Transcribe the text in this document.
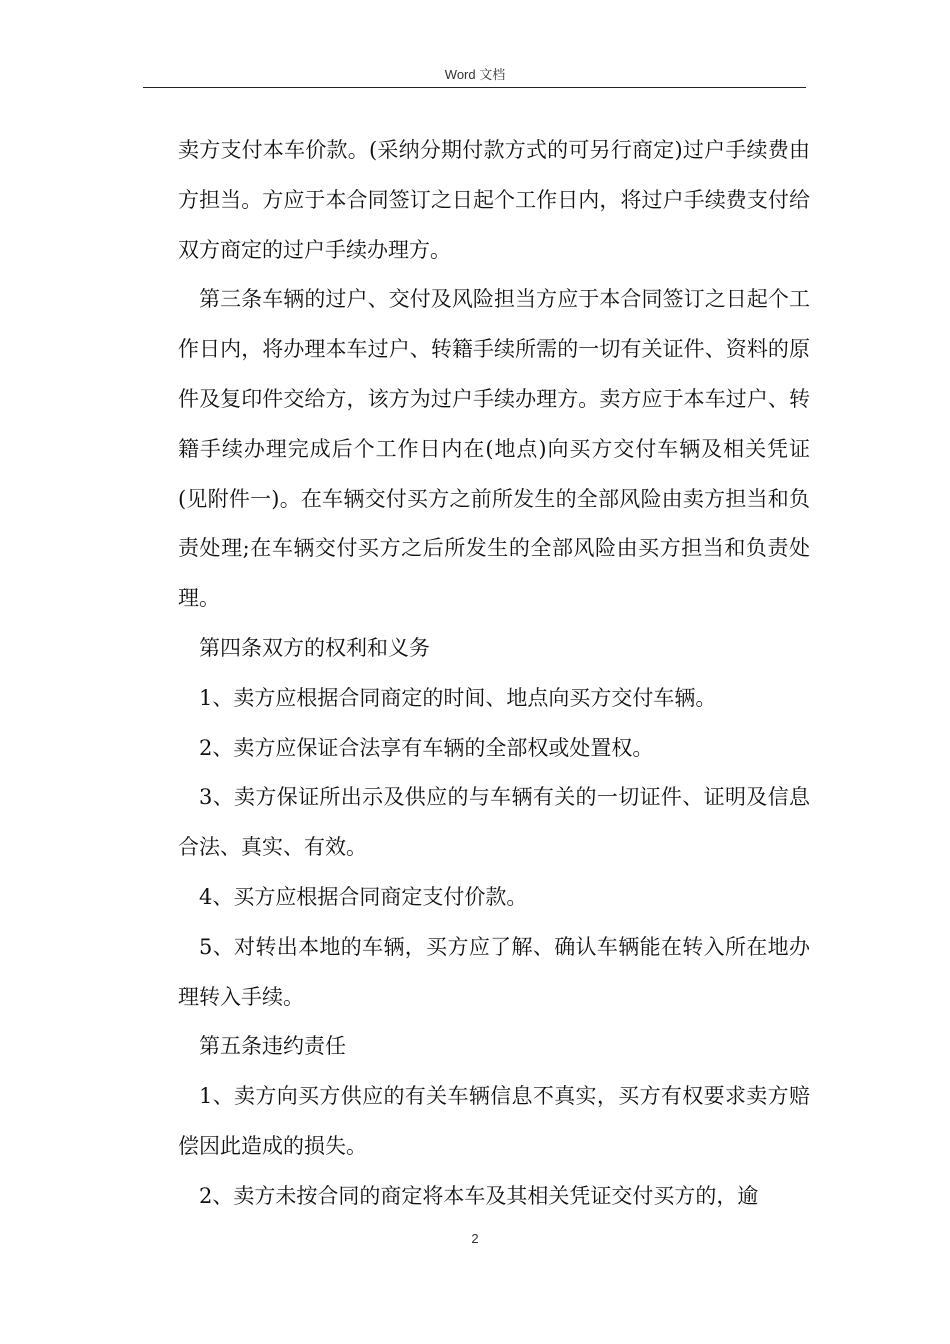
Word 文档

卖方支付本车价款。(采纳分期付款方式的可另行商定)过户手续费由方担当。方应于本合同签订之日起个工作日内，将过户手续费支付给双方商定的过户手续办理方。

第三条车辆的过户、交付及风险担当方应于本合同签订之日起个工作日内，将办理本车过户、转籍手续所需的一切有关证件、资料的原件及复印件交给方，该方为过户手续办理方。卖方应于本车过户、转籍手续办理完成后个工作日内在(地点)向买方交付车辆及相关凭证(见附件一)。在车辆交付买方之前所发生的全部风险由卖方担当和负责处理;在车辆交付买方之后所发生的全部风险由买方担当和负责处理。

第四条双方的权利和义务

1、卖方应根据合同商定的时间、地点向买方交付车辆。

2、卖方应保证合法享有车辆的全部权或处置权。

3、卖方保证所出示及供应的与车辆有关的一切证件、证明及信息合法、真实、有效。

4、买方应根据合同商定支付价款。

5、对转出本地的车辆，买方应了解、确认车辆能在转入所在地办理转入手续。

第五条违约责任

1、卖方向买方供应的有关车辆信息不真实，买方有权要求卖方赔偿因此造成的损失。

2、卖方未按合同的商定将本车及其相关凭证交付买方的，逾

2
